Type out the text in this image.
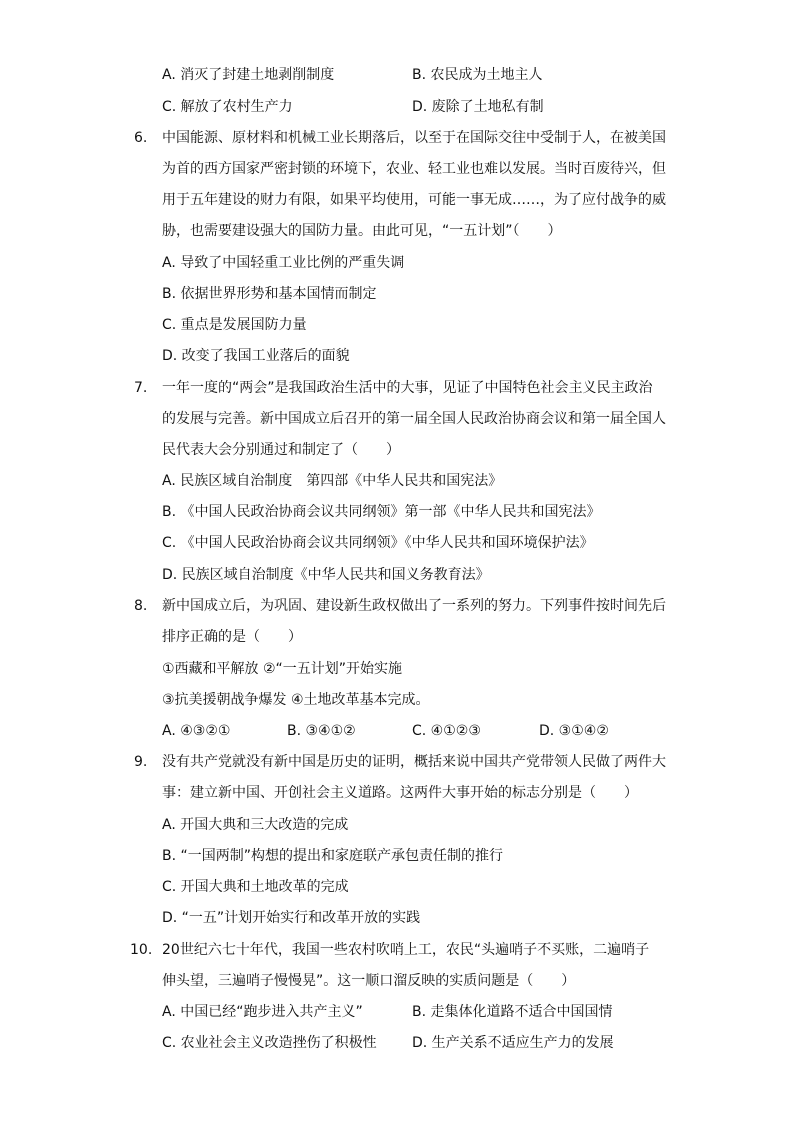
A. 消灭了封建土地剥削制度	B. 农民成为土地主人
C. 解放了农村生产力	D. 废除了土地私有制
6.	中国能源、原材料和机械工业长期落后，以至于在国际交往中受制于人，在被美国
为首的西方国家严密封锁的环境下，农业、轻工业也难以发展。当时百废待兴，但
用于五年建设的财力有限，如果平均使用，可能一事无成……，为了应付战争的威
胁，也需要建设强大的国防力量。由此可见，“一五计划”（　　）
A. 导致了中国轻重工业比例的严重失调
B. 依据世界形势和基本国情而制定
C. 重点是发展国防力量
D. 改变了我国工业落后的面貌
7.	一年一度的“两会”是我国政治生活中的大事，见证了中国特色社会主义民主政治
的发展与完善。新中国成立后召开的第一届全国人民政治协商会议和第一届全国人
民代表大会分别通过和制定了（　　）
A. 民族区域自治制度　第四部《中华人民共和国宪法》
B. 《中国人民政治协商会议共同纲领》第一部《中华人民共和国宪法》
C. 《中国人民政治协商会议共同纲领》《中华人民共和国环境保护法》
D. 民族区域自治制度《中华人民共和国义务教育法》
8.	新中国成立后，为巩固、建设新生政权做出了一系列的努力。下列事件按时间先后
排序正确的是（　　）
①西藏和平解放 ②“一五计划”开始实施
③抗美援朝战争爆发 ④土地改革基本完成。
A. ④③②①	B. ③④①②	C. ④①②③	D. ③①④②
9.	没有共产党就没有新中国是历史的证明，概括来说中国共产党带领人民做了两件大
事：建立新中国、开创社会主义道路。这两件大事开始的标志分别是（　　）
A. 开国大典和三大改造的完成
B. “一国两制”构想的提出和家庭联产承包责任制的推行
C. 开国大典和土地改革的完成
D. “一五”计划开始实行和改革开放的实践
10. 20世纪六七十年代，我国一些农村吹哨上工，农民“头遍哨子不买账，二遍哨子
伸头望，三遍哨子慢慢晃”。这一顺口溜反映的实质问题是（　　）
A. 中国已经“跑步进入共产主义”	B. 走集体化道路不适合中国国情
C. 农业社会主义改造挫伤了积极性	D. 生产关系不适应生产力的发展
